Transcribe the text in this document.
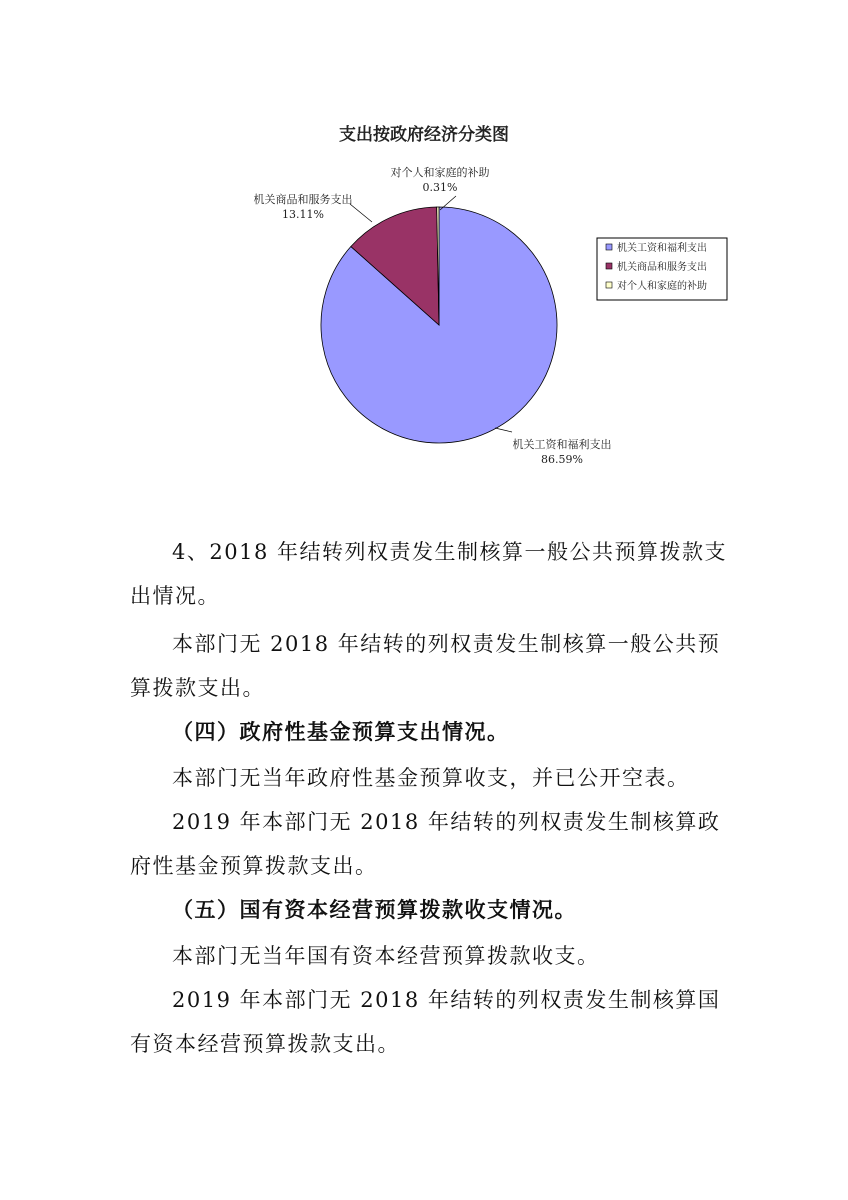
支出按政府经济分类图
机关工资和福利支出
86.59%
机关商品和服务支出
13.11%
对个人和家庭的补助
0.31%
机关工资和福利支出
机关商品和服务支出
对个人和家庭的补助

4、2018 年结转列权责发生制核算一般公共预算拨款支出情况。

本部门无 2018 年结转的列权责发生制核算一般公共预算拨款支出。

（四）政府性基金预算支出情况。

本部门无当年政府性基金预算收支，并已公开空表。

2019 年本部门无 2018 年结转的列权责发生制核算政府性基金预算拨款支出。

（五）国有资本经营预算拨款收支情况。

本部门无当年国有资本经营预算拨款收支。

2019 年本部门无 2018 年结转的列权责发生制核算国有资本经营预算拨款支出。
